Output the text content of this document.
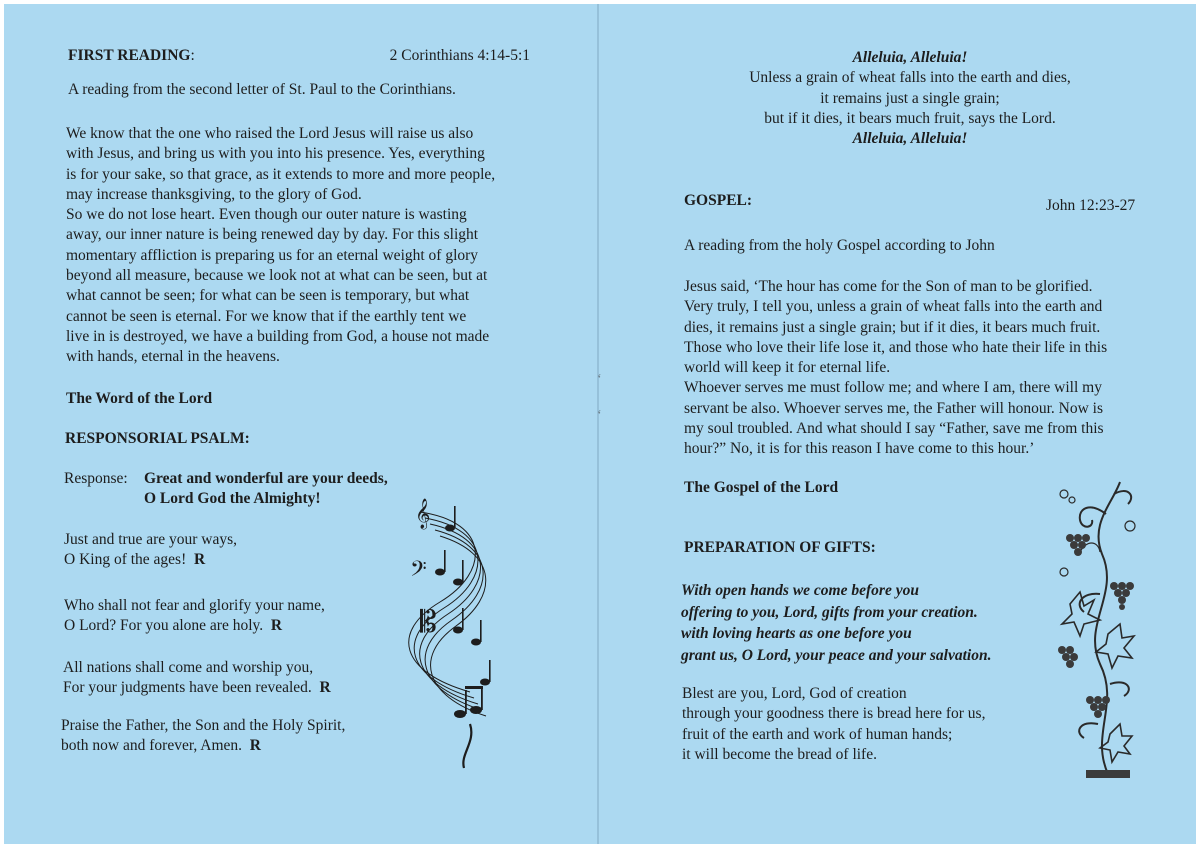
‘
‘
FIRST READING:	2 Corinthians 4:14-5:1

A reading from the second letter of St. Paul to the Corinthians.

We know that the one who raised the Lord Jesus will raise us also
with Jesus, and bring us with you into his presence. Yes, everything
is for your sake, so that grace, as it extends to more and more people,
may increase thanksgiving, to the glory of God.
So we do not lose heart. Even though our outer nature is wasting
away, our inner nature is being renewed day by day. For this slight
momentary affliction is preparing us for an eternal weight of glory
beyond all measure, because we look not at what can be seen, but at
what cannot be seen; for what can be seen is temporary, but what
cannot be seen is eternal. For we know that if the earthly tent we
live in is destroyed, we have a building from God, a house not made
with hands, eternal in the heavens.

The Word of the Lord

RESPONSORIAL PSALM:

Response:	Great and wonderful are your deeds,
O Lord God the Almighty!
Just and true are your ways,
O King of the ages! R
Who shall not fear and glorify your name,
O Lord? For you alone are holy. R
All nations shall come and worship you,
For your judgments have been revealed. R
Praise the Father, the Son and the Holy Spirit,
both now and forever, Amen. R
𝄞
𝄢
𝄡
Alleluia, Alleluia!
Unless a grain of wheat falls into the earth and dies,
it remains just a single grain;
but if it dies, it bears much fruit, says the Lord.
Alleluia, Alleluia!

GOSPEL:	John 12:23-27

A reading from the holy Gospel according to John

Jesus said, ‘The hour has come for the Son of man to be glorified.
Very truly, I tell you, unless a grain of wheat falls into the earth and
dies, it remains just a single grain; but if it dies, it bears much fruit.
Those who love their life lose it, and those who hate their life in this
world will keep it for eternal life.
Whoever serves me must follow me; and where I am, there will my
servant be also. Whoever serves me, the Father will honour. Now is
my soul troubled. And what should I say “Father, save me from this
hour?” No, it is for this reason I have come to this hour.’

The Gospel of the Lord

PREPARATION OF GIFTS:

With open hands we come before you
offering to you, Lord, gifts from your creation.
with loving hearts as one before you
grant us, O Lord, your peace and your salvation.
Blest are you, Lord, God of creation
through your goodness there is bread here for us,
fruit of the earth and work of human hands;
it will become the bread of life.
